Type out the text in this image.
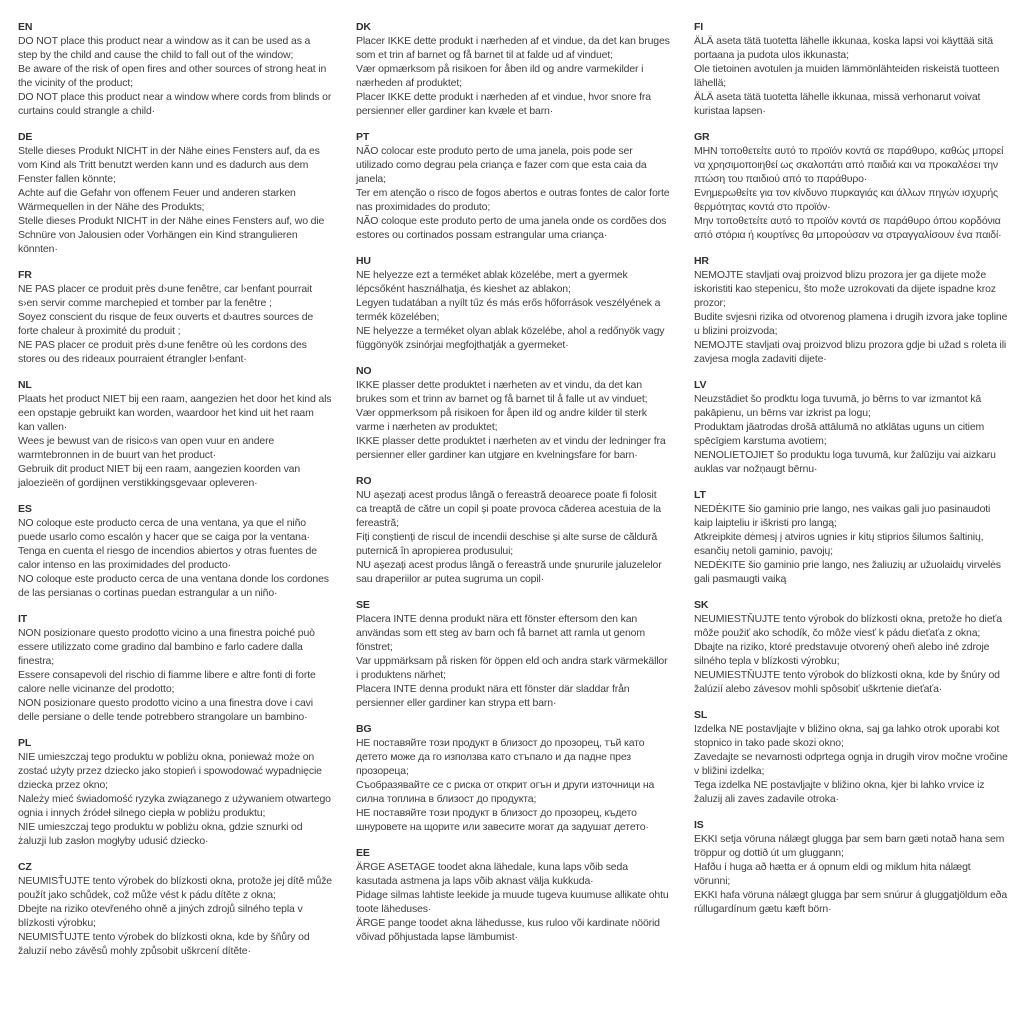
EN
DO NOT place this product near a window as it can be used as a step by the child and cause the child to fall out of the window;
Be aware of the risk of open fires and other sources of strong heat in the vicinity of the product;
DO NOT place this product near a window where cords from blinds or curtains could strangle a child·
DE
Stelle dieses Produkt NICHT in der Nähe eines Fensters auf, da es vom Kind als Tritt benutzt werden kann und es dadurch aus dem Fenster fallen könnte;
Achte auf die Gefahr von offenem Feuer und anderen starken Wärmequellen in der Nähe des Produkts;
Stelle dieses Produkt NICHT in der Nähe eines Fensters auf, wo die Schnüre von Jalousien oder Vorhängen ein Kind strangulieren könnten·
FR
NE PAS placer ce produit près d›une fenêtre, car l›enfant pourrait s›en servir comme marchepied et tomber par la fenêtre ;
Soyez conscient du risque de feux ouverts et d›autres sources de forte chaleur à proximité du produit ;
NE PAS placer ce produit près d›une fenêtre où les cordons des stores ou des rideaux pourraient étrangler l›enfant·
NL
Plaats het product NIET bij een raam, aangezien het door het kind als een opstapje gebruikt kan worden, waardoor het kind uit het raam kan vallen·
Wees je bewust van de risico›s van open vuur en andere warmtebronnen in de buurt van het product·
Gebruik dit product NIET bij een raam, aangezien koorden van jaloezieën of gordijnen verstikkingsgevaar opleveren·
ES
NO coloque este producto cerca de una ventana, ya que el niño puede usarlo como escalón y hacer que se caiga por la ventana·
Tenga en cuenta el riesgo de incendios abiertos y otras fuentes de calor intenso en las proximidades del producto·
NO coloque este producto cerca de una ventana donde los cordones de las persianas o cortinas puedan estrangular a un niño·
IT
NON posizionare questo prodotto vicino a una finestra poiché può essere utilizzato come gradino dal bambino e farlo cadere dalla finestra;
Essere consapevoli del rischio di fiamme libere e altre fonti di forte calore nelle vicinanze del prodotto;
NON posizionare questo prodotto vicino a una finestra dove i cavi delle persiane o delle tende potrebbero strangolare un bambino·
PL
NIE umieszczaj tego produktu w pobliżu okna, ponieważ może on zostać użyty przez dziecko jako stopień i spowodować wypadnięcie dziecka przez okno;
Należy mieć świadomość ryzyka związanego z używaniem otwartego ognia i innych źródeł silnego ciepła w pobliżu produktu;
NIE umieszczaj tego produktu w pobliżu okna, gdzie sznurki od żaluzji lub zasłon mogłyby udusić dziecko·
CZ
NEUMISŤUJTE tento výrobek do blízkosti okna, protože jej dítě může použít jako schůdek, což může vést k pádu dítěte z okna;
Dbejte na riziko otevřeného ohně a jiných zdrojů silného tepla v blízkosti výrobku;
NEUMISŤUJTE tento výrobek do blízkosti okna, kde by šňůry od žaluzií nebo závěsů mohly způsobit uškrcení dítěte·
DK
Placer IKKE dette produkt i nærheden af et vindue, da det kan bruges som et trin af barnet og få barnet til at falde ud af vinduet;
Vær opmærksom på risikoen for åben ild og andre varmekilder i nærheden af produktet;
Placer IKKE dette produkt i nærheden af et vindue, hvor snore fra persienner eller gardiner kan kvæle et barn·
PT
NÃO colocar este produto perto de uma janela, pois pode ser utilizado como degrau pela criança e fazer com que esta caia da janela;
Ter em atenção o risco de fogos abertos e outras fontes de calor forte nas proximidades do produto;
NÃO coloque este produto perto de uma janela onde os cordões dos estores ou cortinados possam estrangular uma criança·
HU
NE helyezze ezt a terméket ablak közelébe, mert a gyermek lépcsőként használhatja, és kieshet az ablakon;
Legyen tudatában a nyílt tűz és más erős hőforrások veszélyének a termék közelében;
NE helyezze a terméket olyan ablak közelébe, ahol a redőnyök vagy függönyök zsinórjai megfojthatják a gyermeket·
NO
IKKE plasser dette produktet i nærheten av et vindu, da det kan brukes som et trinn av barnet og få barnet til å falle ut av vinduet;
Vær oppmerksom på risikoen for åpen ild og andre kilder til sterk varme i nærheten av produktet;
IKKE plasser dette produktet i nærheten av et vindu der ledninger fra persienner eller gardiner kan utgjøre en kvelningsfare for barn·
RO
NU așezați acest produs lângă o fereastră deoarece poate fi folosit ca treaptă de către un copil și poate provoca căderea acestuia de la fereastră;
Fiți conștienți de riscul de incendii deschise și alte surse de căldură puternică în apropierea produsului;
NU așezați acest produs lângă o fereastră unde șnururile jaluzelelor sau draperiilor ar putea sugruma un copil·
SE
Placera INTE denna produkt nära ett fönster eftersom den kan användas som ett steg av barn och få barnet att ramla ut genom fönstret;
Var uppmärksam på risken för öppen eld och andra stark värmekällor i produktens närhet;
Placera INTE denna produkt nära ett fönster där sladdar från persienner eller gardiner kan strypa ett barn·
BG
НЕ поставяйте този продукт в близост до прозорец, тъй като детето може да го използва като стъпало и да падне през прозореца;
Съобразявайте се с риска от открит огън и други източници на силна топлина в близост до продукта;
НЕ поставяйте този продукт в близост до прозорец, където шнуровете на щорите или завесите могат да задушат детето·
EE
ÄRGE ASETAGE toodet akna lähedale, kuna laps võib seda kasutada astmena ja laps võib aknast välja kukkuda·
Pidage silmas lahtiste leekide ja muude tugeva kuumuse allikate ohtu toote läheduses·
ÄRGE pange toodet akna lähedusse, kus ruloo või kardinate nöörid võivad põhjustada lapse lämbumist·
FI
ÄLÄ aseta tätä tuotetta lähelle ikkunaa, koska lapsi voi käyttää sitä portaana ja pudota ulos ikkunasta;
Ole tietoinen avotulen ja muiden lämmönlähteiden riskeistä tuotteen lähellä;
ÄLÄ aseta tätä tuotetta lähelle ikkunaa, missä verhonarut voivat kuristaa lapsen·
GR
ΜΗΝ τοποθετείτε αυτό το προϊόν κοντά σε παράθυρο, καθώς μπορεί να χρησιμοποιηθεί ως σκαλοπάτι από παιδιά και να προκαλέσει την πτώση του παιδιού από το παράθυρο·
Ενημερωθείτε για τον κίνδυνο πυρκαγιάς και άλλων πηγών ισχυρής θερμότητας κοντά στο προϊόν·
Μην τοποθετείτε αυτό το προϊόν κοντά σε παράθυρο όπου κορδόνια από στόρια ή κουρτίνες θα μπορούσαν να στραγγαλίσουν ένα παιδί·
HR
NEMOJTE stavljati ovaj proizvod blizu prozora jer ga dijete može iskoristiti kao stepenicu, što može uzrokovati da dijete ispadne kroz prozor;
Budite svjesni rizika od otvorenog plamena i drugih izvora jake topline u blizini proizvoda;
NEMOJTE stavljati ovaj proizvod blizu prozora gdje bi užad s roleta ili zavjesa mogla zadaviti dijete·
LV
Neuzstādiet šo prodktu loga tuvumā, jo bērns to var izmantot kā pakāpienu, un bērns var izkrist pa logu;
Produktam jāatrodas drošā attālumā no atklātas uguns un citiem spēcīgiem karstuma avotiem;
NENOLIETOJIET šo produktu loga tuvumā, kur žalūziju vai aizkaru auklas var nožņaugt bērnu·
LT
NEDĖKITE šio gaminio prie lango, nes vaikas gali juo pasinaudoti kaip laipteliu ir iškristi pro langą;
Atkreipkite dėmesį į atviros ugnies ir kitų stiprios šilumos šaltinių, esančių netoli gaminio, pavojų;
NEDĖKITE šio gaminio prie lango, nes žaliuzių ar užuolaidų virvelės gali pasmaugti vaiką
SK
NEUMIESTŇUJTE tento výrobok do blízkosti okna, pretože ho dieťa môže použiť ako schodík, čo môže viesť k pádu dieťaťa z okna;
Dbajte na riziko, ktoré predstavuje otvorený oheň alebo iné zdroje silného tepla v blízkosti výrobku;
NEUMIESTŇUJTE tento výrobok do blízkosti okna, kde by šnúry od žalúzií alebo závesov mohli spôsobiť uškrtenie dieťaťa·
SL
Izdelka NE postavljajte v bližino okna, saj ga lahko otrok uporabi kot stopnico in tako pade skozi okno;
Zavedajte se nevarnosti odprtega ognja in drugih virov močne vročine v bližini izdelka;
Tega izdelka NE postavljajte v bližino okna, kjer bi lahko vrvice iz žaluzij ali zaves zadavile otroka·
IS
EKKI setja vöruna nálægt glugga þar sem barn gæti notað hana sem tröppur og dottið út um gluggann;
Hafðu í huga að hætta er á opnum eldi og miklum hita nálægt vörunni;
EKKI hafa vöruna nálægt glugga þar sem snúrur á gluggatjöldum eða rúllugardínum gætu kæft börn·
